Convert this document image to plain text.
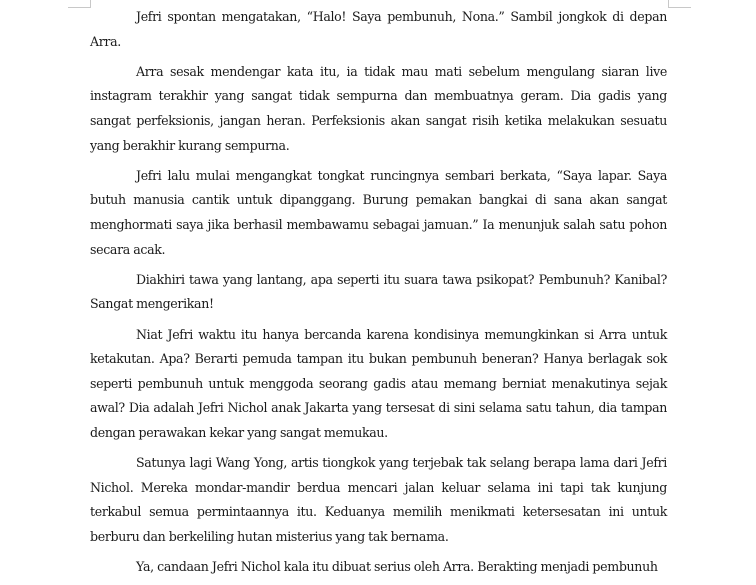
Jefri spontan mengatakan, “Halo! Saya pembunuh, Nona.” Sambil jongkok di depan Arra.

Arra sesak mendengar kata itu, ia tidak mau mati sebelum mengulang siaran live instagram terakhir yang sangat tidak sempurna dan membuatnya geram. Dia gadis yang sangat perfeksionis, jangan heran. Perfeksionis akan sangat risih ketika melakukan sesuatu yang berakhir kurang sempurna.

Jefri lalu mulai mengangkat tongkat runcingnya sembari berkata, “Saya lapar. Saya butuh manusia cantik untuk dipanggang. Burung pemakan bangkai di sana akan sangat menghormati saya jika berhasil membawamu sebagai jamuan.” Ia menunjuk salah satu pohon secara acak.

Diakhiri tawa yang lantang, apa seperti itu suara tawa psikopat? Pembunuh? Kanibal? Sangat mengerikan!

Niat Jefri waktu itu hanya bercanda karena kondisinya memungkinkan si Arra untuk ketakutan. Apa? Berarti pemuda tampan itu bukan pembunuh beneran? Hanya berlagak sok seperti pembunuh untuk menggoda seorang gadis atau memang berniat menakutinya sejak awal? Dia adalah Jefri Nichol anak Jakarta yang tersesat di sini selama satu tahun, dia tampan dengan perawakan kekar yang sangat memukau.

Satunya lagi Wang Yong, artis tiongkok yang terjebak tak selang berapa lama dari Jefri Nichol. Mereka mondar-mandir berdua mencari jalan keluar selama ini tapi tak kunjung terkabul semua permintaannya itu. Keduanya memilih menikmati ketersesatan ini untuk berburu dan berkeliling hutan misterius yang tak bernama.

Ya, candaan Jefri Nichol kala itu dibuat serius oleh Arra. Berakting menjadi pembunuh
